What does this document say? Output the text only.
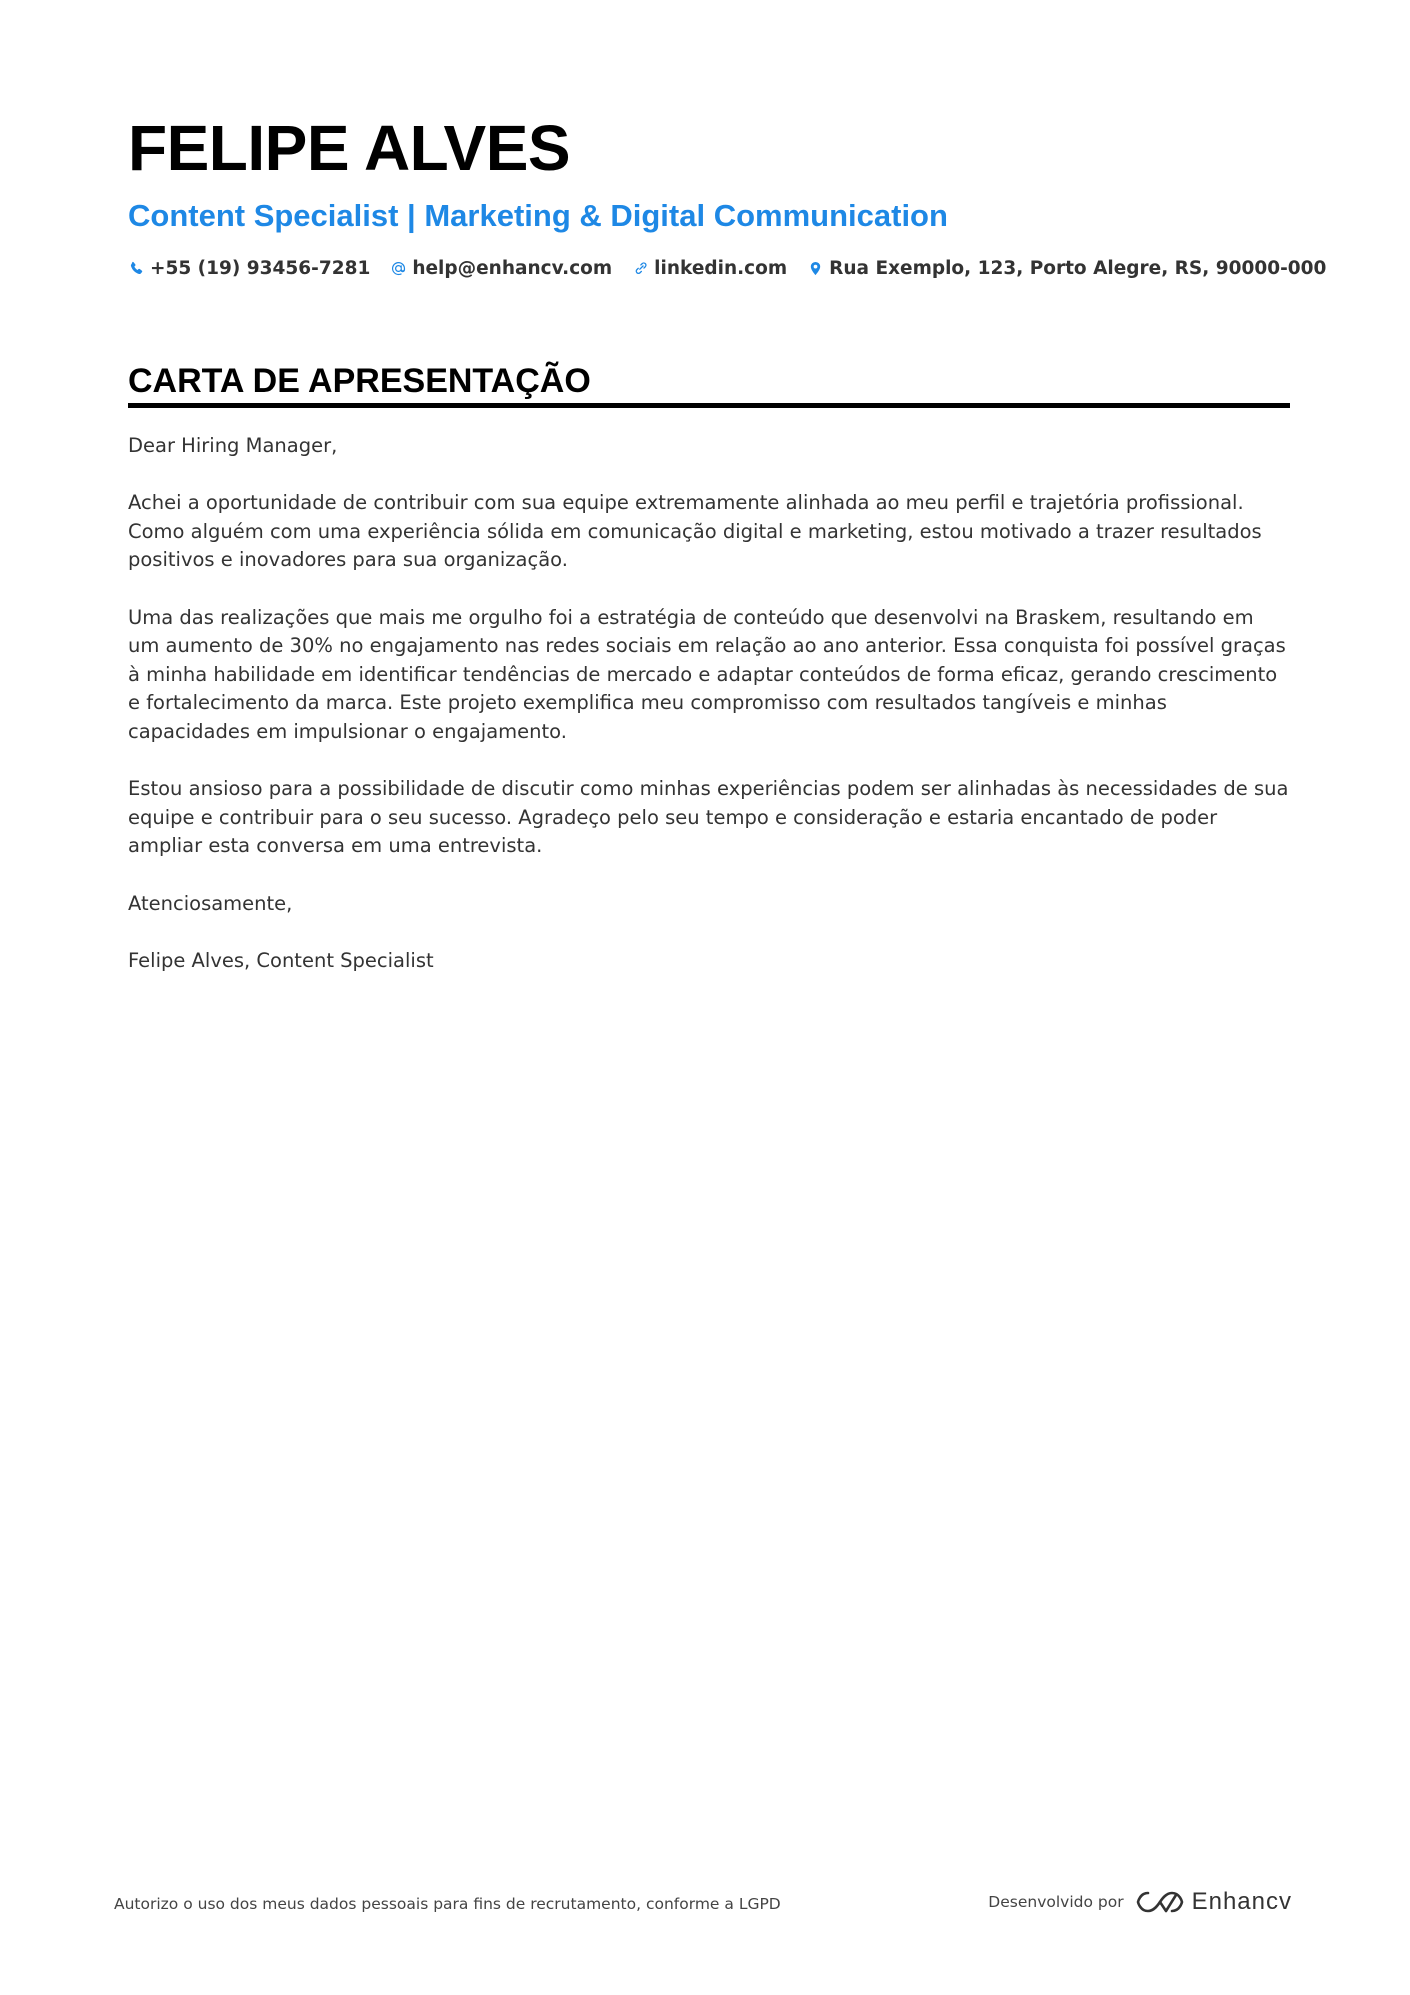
FELIPE ALVES
Content Specialist | Marketing & Digital Communication
+55 (19) 93456-7281 help@enhancv.com linkedin.com Rua Exemplo, 123, Porto Alegre, RS, 90000-000
CARTA DE APRESENTAÇÃO

Dear Hiring Manager,

Achei a oportunidade de contribuir com sua equipe extremamente alinhada ao meu perfil e trajetória profissional. Como alguém com uma experiência sólida em comunicação digital e marketing, estou motivado a trazer resultados positivos e inovadores para sua organização.

Uma das realizações que mais me orgulho foi a estratégia de conteúdo que desenvolvi na Braskem, resultando em um aumento de 30% no engajamento nas redes sociais em relação ao ano anterior. Essa conquista foi possível graças à minha habilidade em identificar tendências de mercado e adaptar conteúdos de forma eficaz, gerando crescimento e fortalecimento da marca. Este projeto exemplifica meu compromisso com resultados tangíveis e minhas capacidades em impulsionar o engajamento.

Estou ansioso para a possibilidade de discutir como minhas experiências podem ser alinhadas às necessidades de sua equipe e contribuir para o seu sucesso. Agradeço pelo seu tempo e consideração e estaria encantado de poder ampliar esta conversa em uma entrevista.

Atenciosamente,

Felipe Alves, Content Specialist

Autorizo o uso dos meus dados pessoais para fins de recrutamento, conforme a LGPD	Desenvolvido por	Enhancv
